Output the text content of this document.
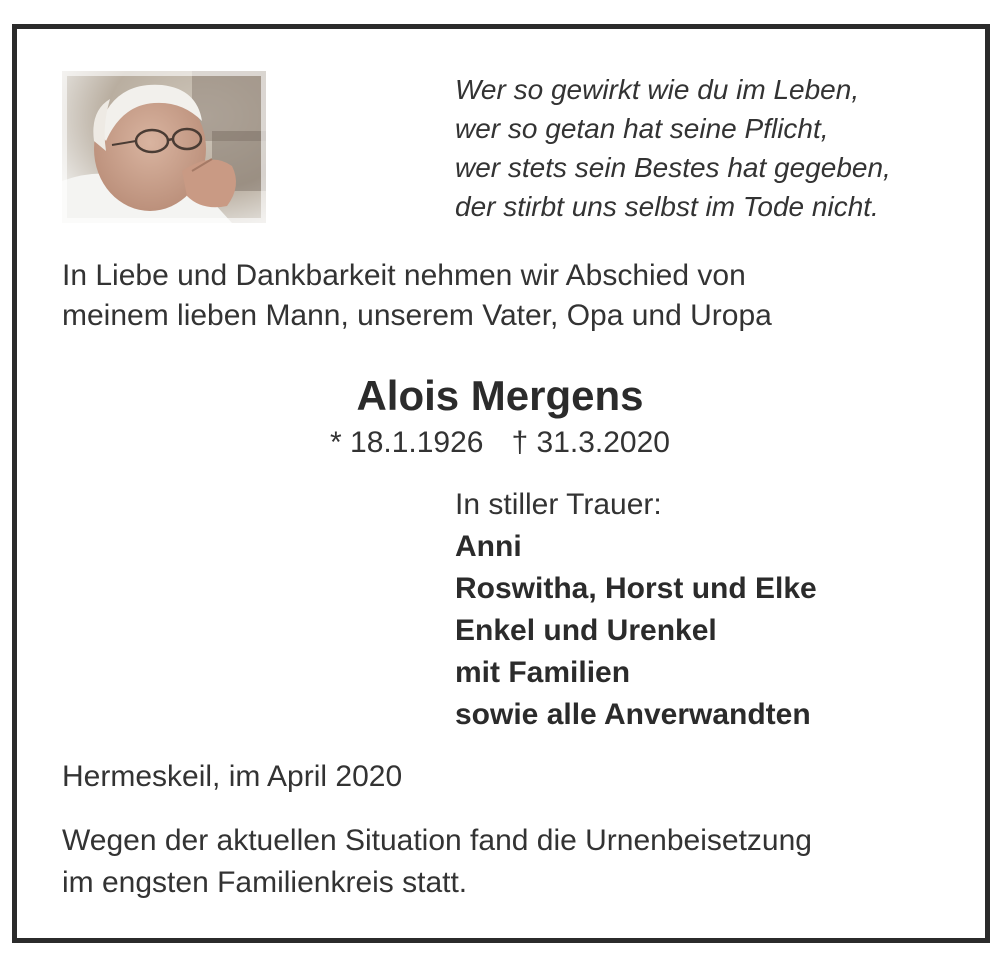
Wer so gewirkt wie du im Leben,
wer so getan hat seine Pflicht,
wer stets sein Bestes hat gegeben,
der stirbt uns selbst im Tode nicht.
In Liebe und Dankbarkeit nehmen wir Abschied von
meinem lieben Mann, unserem Vater, Opa und Uropa
Alois Mergens
* 18.1.1926 † 31.3.2020
In stiller Trauer:
Anni
Roswitha, Horst und Elke
Enkel und Urenkel
mit Familien
sowie alle Anverwandten
Hermeskeil, im April 2020
Wegen der aktuellen Situation fand die Urnenbeisetzung
im engsten Familienkreis statt.
